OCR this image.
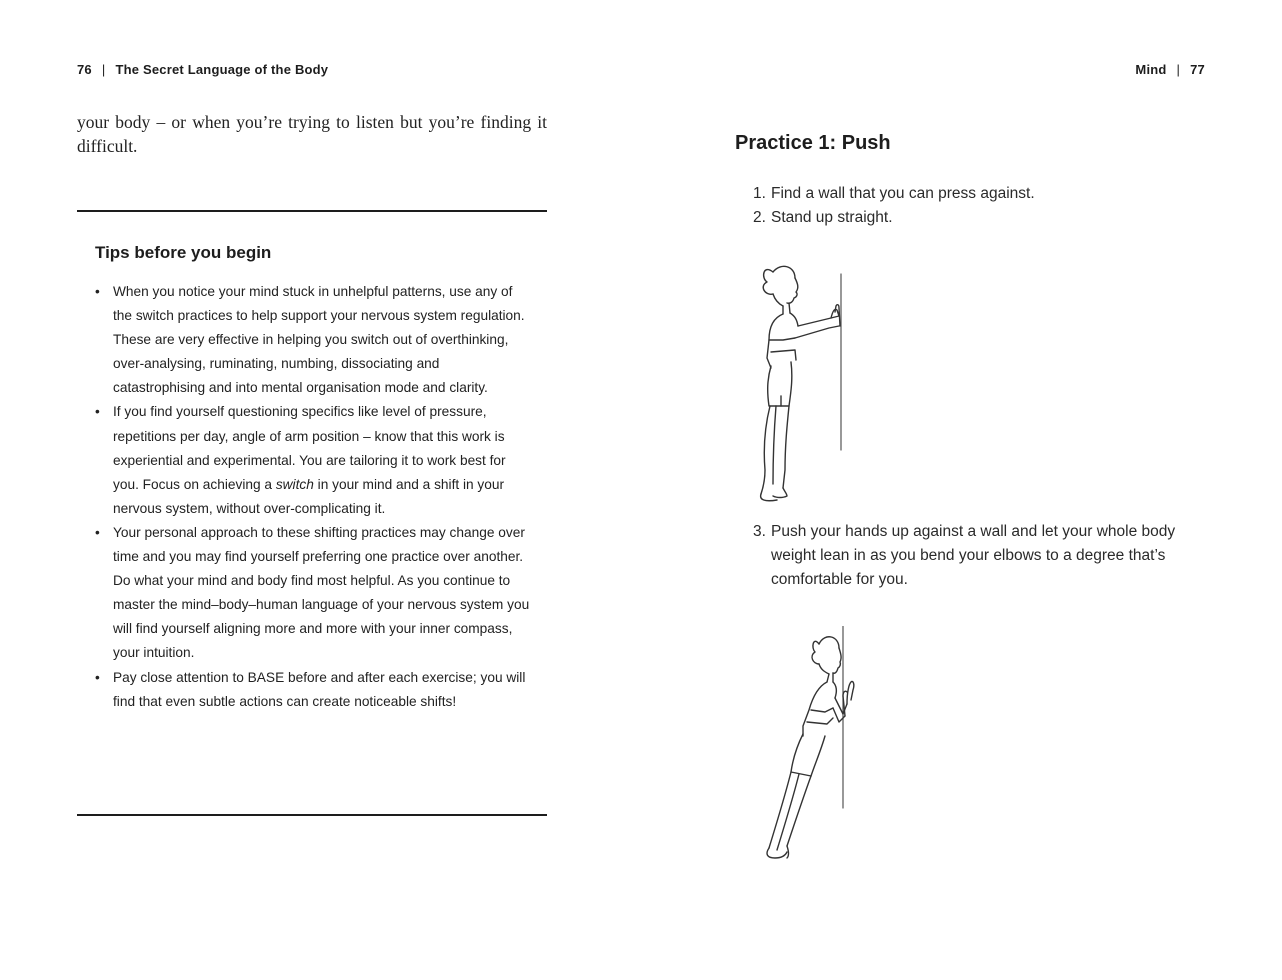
76 | The Secret Language of the Body
your body – or when you’re trying to listen but you’re finding it difficult.
Tips before you begin
• When you notice your mind stuck in unhelpful patterns, use any of the switch practices to help support your nervous system regulation. These are very effective in helping you switch out of overthinking, over-analysing, ruminating, numbing, dissociating and catastrophising and into mental organisation mode and clarity.
• If you find yourself questioning specifics like level of pressure, repetitions per day, angle of arm position – know that this work is experiential and experimental. You are tailoring it to work best for you. Focus on achieving a switch in your mind and a shift in your nervous system, without over-complicating it.
• Your personal approach to these shifting practices may change over time and you may find yourself preferring one practice over another. Do what your mind and body find most helpful. As you continue to master the mind–body–human language of your nervous system you will find yourself aligning more and more with your inner compass, your intuition.
• Pay close attention to BASE before and after each exercise; you will find that even subtle actions can create noticeable shifts!
Mind | 77
Practice 1: Push
1. Find a wall that you can press against.
2. Stand up straight.
3. Push your hands up against a wall and let your whole body weight lean in as you bend your elbows to a degree that’s comfortable for you.
